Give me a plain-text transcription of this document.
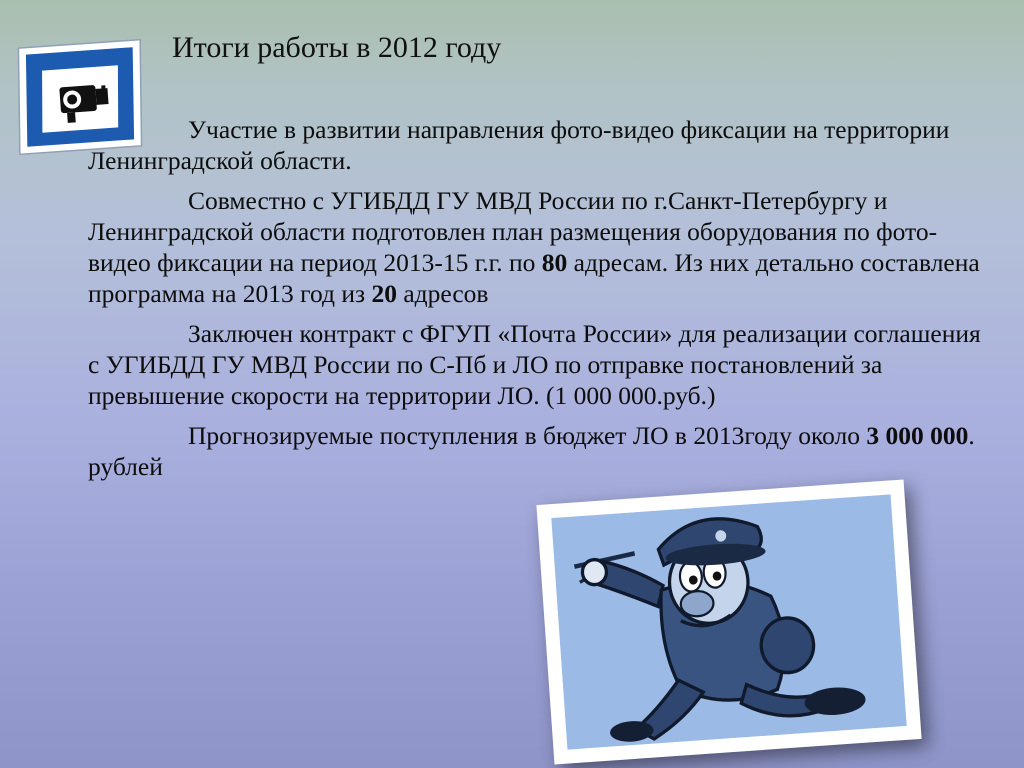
Итоги работы в 2012 году

Участие в развитии направления фото-видео фиксации на территории Ленинградской области.

Совместно с УГИБДД ГУ МВД России по г.Санкт-Петербургу и Ленинградской области подготовлен план размещения оборудования по фото-видео фиксации на период 2013-15 г.г. по 80 адресам. Из них детально составлена программа на 2013 год из 20 адресов

Заключен контракт с ФГУП «Почта России» для реализации соглашения с УГИБДД ГУ МВД России по С-Пб и ЛО по отправке постановлений за превышение скорости на территории ЛО. (1 000 000.руб.)

Прогнозируемые поступления в бюджет ЛО в 2013году около 3 000 000. рублей
